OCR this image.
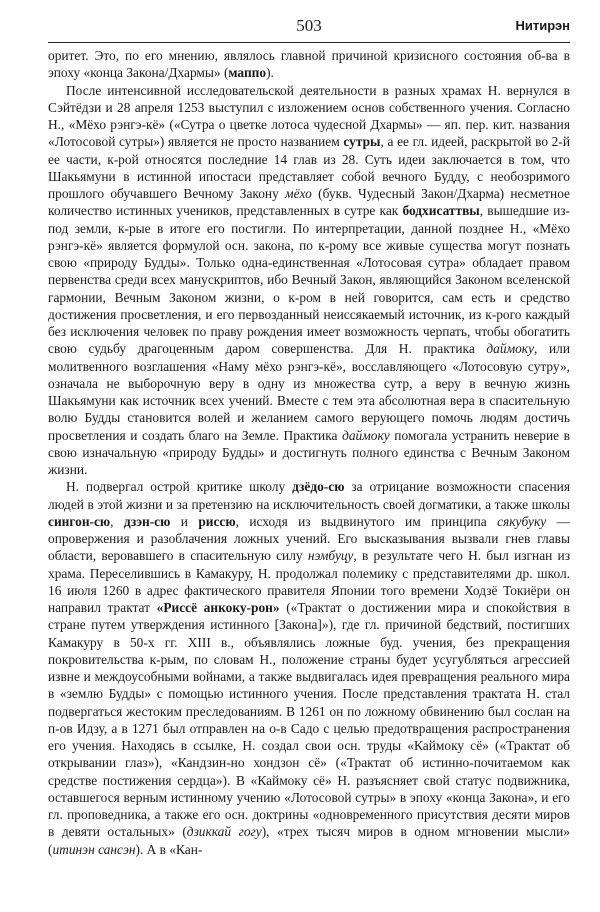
503	Нитирэн

оритет. Это, по его мнению, являлось главной причиной кризисного состояния об-ва в эпоху «конца Закона/Дхармы» (маппо).

После интенсивной исследовательской деятельности в разных храмах Н. вернулся в Сэйтёдзи и 28 апреля 1253 выступил с изложением основ собственного учения. Согласно Н., «Мёхо рэнгэ-кё» («Сутра о цветке лотоса чудесной Дхармы» — яп. пер. кит. названия «Лотосовой сутры») является не просто названием сутры, а ее гл. идеей, раскрытой во 2-й ее части, к-рой относятся последние 14 глав из 28. Суть идеи заключается в том, что Шакьямуни в истинной ипостаси представляет собой вечного Будду, с необозримого прошлого обучавшего Вечному Закону мёхо (букв. Чудесный Закон/Дхарма) несметное количество истинных учеников, представленных в сутре как бодхисаттвы, вышедшие из-под земли, к-рые в итоге его постигли. По интерпретации, данной позднее Н., «Мёхо рэнгэ-кё» является формулой осн. закона, по к-рому все живые существа могут познать свою «природу Будды». Только одна-единственная «Лотосовая сутра» обладает правом первенства среди всех манускриптов, ибо Вечный Закон, являющийся Законом вселенской гармонии, Вечным Законом жизни, о к-ром в ней говорится, сам есть и средство достижения просветления, и его первозданный неиссякаемый источник, из к-рого каждый без исключения человек по праву рождения имеет возможность черпать, чтобы обогатить свою судьбу драгоценным даром совершенства. Для Н. практика даймоку, или молитвенного возглашения «Наму мёхо рэнгэ-кё», восславляющего «Лотосовую сутру», означала не выборочную веру в одну из множества сутр, а веру в вечную жизнь Шакьямуни как источник всех учений. Вместе с тем эта абсолютная вера в спасительную волю Будды становится волей и желанием самого верующего помочь людям достичь просветления и создать благо на Земле. Практика даймоку помогала устранить неверие в свою изначальную «природу Будды» и достигнуть полного единства с Вечным Законом жизни.

Н. подвергал острой критике школу дзёдо-сю за отрицание возможности спасения людей в этой жизни и за претензию на исключительность своей догматики, а также школы сингон-сю, дзэн-сю и риссю, исходя из выдвинутого им принципа сякубуку — опровержения и разоблачения ложных учений. Его высказывания вызвали гнев главы области, веровавшего в спасительную силу нэмбуцу, в результате чего Н. был изгнан из храма. Переселившись в Камакуру, Н. продолжал полемику с представителями др. школ. 16 июля 1260 в адрес фактического правителя Японии того времени Ходзё Токиёри он направил трактат «Риссё анкоку-рон» («Трактат о достижении мира и спокойствия в стране путем утверждения истинного [Закона]»), где гл. причиной бедствий, постигших Камакуру в 50-х гг. XIII в., объявлялись ложные буд. учения, без прекращения покровительства к-рым, по словам Н., положение страны будет усугубляться агрессией извне и междоусобными войнами, а также выдвигалась идея превращения реального мира в «землю Будды» с помощью истинного учения. После представления трактата Н. стал подвергаться жестоким преследованиям. В 1261 он по ложному обвинению был сослан на п-ов Идзу, а в 1271 был отправлен на о-в Садо с целью предотвращения распространения его учения. Находясь в ссылке, Н. создал свои осн. труды «Каймоку сё» («Трактат об открывании глаз»), «Кандзин-но хондзон сё» («Трактат об истинно-почитаемом как средстве постижения сердца»). В «Каймоку сё» Н. разъясняет свой статус подвижника, оставшегося верным истинному учению «Лотосовой сутры» в эпоху «конца Закона», и его гл. проповедника, а также его осн. доктрины «одновременного присутствия десяти миров в девяти остальных» (дзиккай гогу), «трех тысяч миров в одном мгновении мысли» (итинэн сансэн). А в «Кан-
